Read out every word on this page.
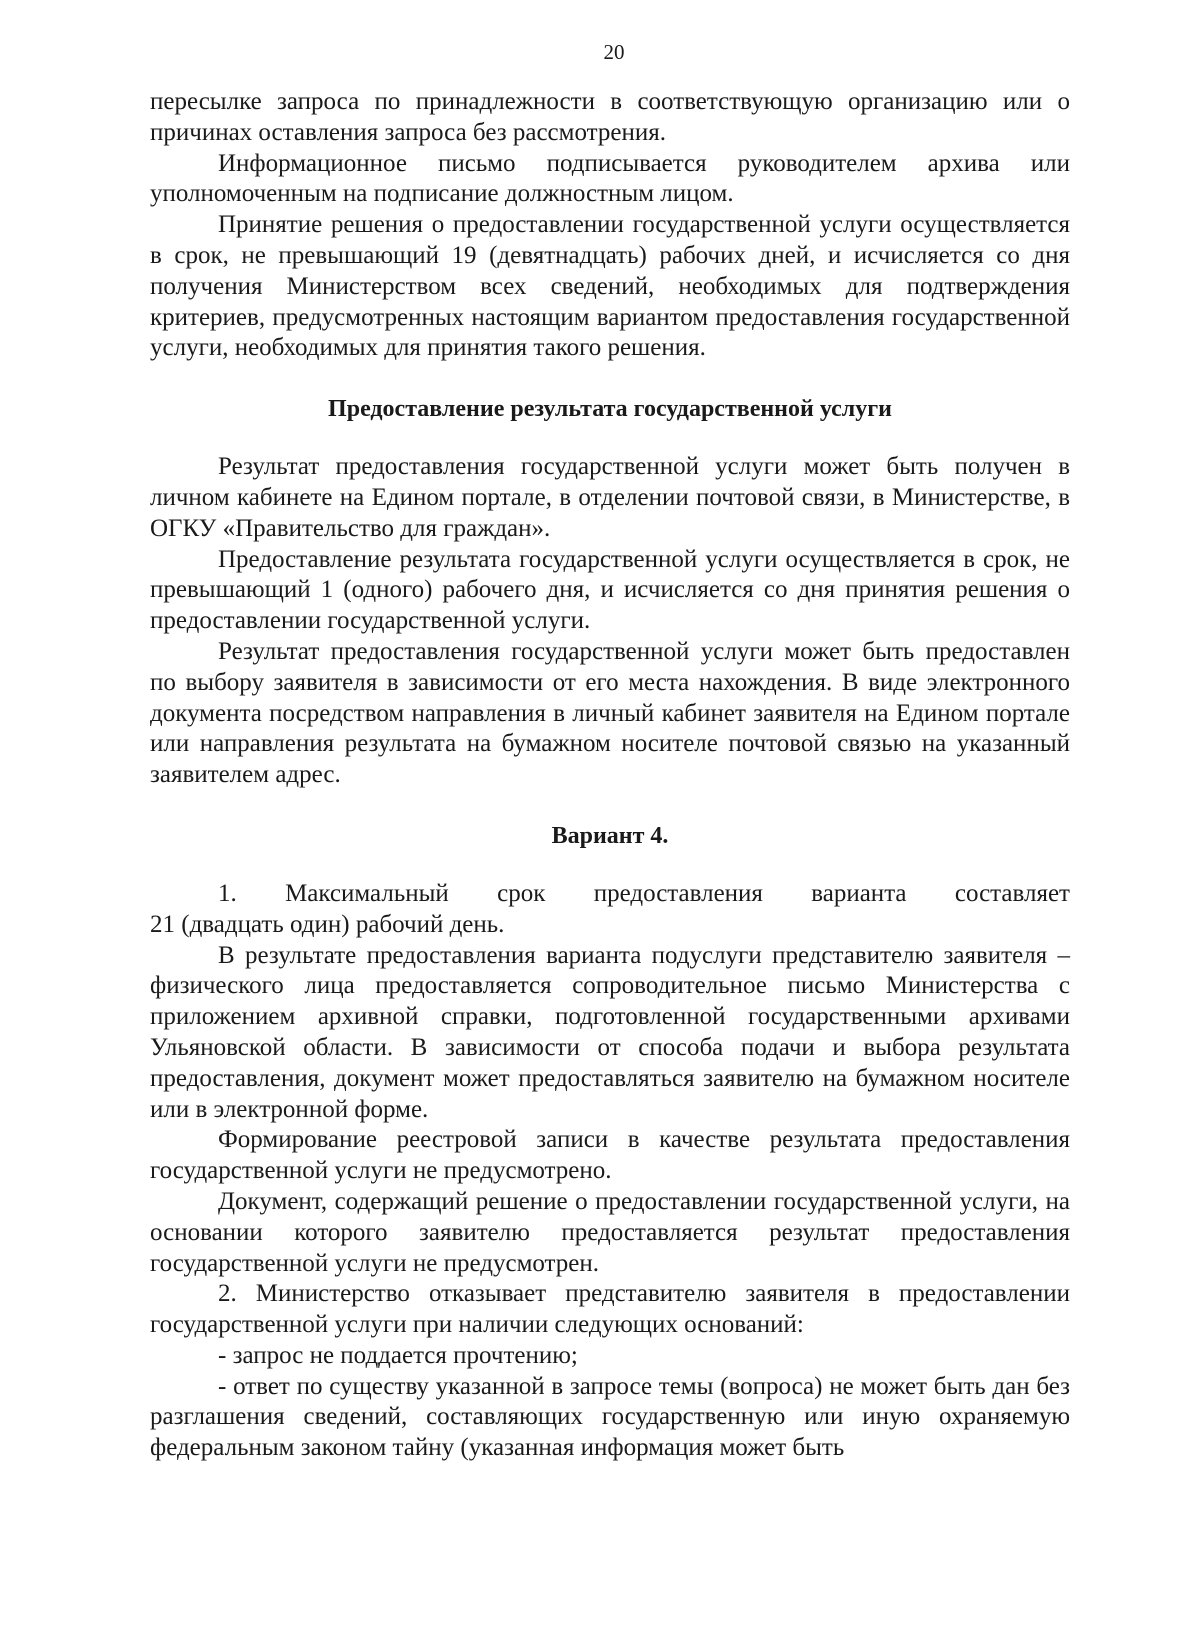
20

пересылке запроса по принадлежности в соответствующую организацию или о причинах оставления запроса без рассмотрения.

Информационное письмо подписывается руководителем архива или уполномоченным на подписание должностным лицом.

Принятие решения о предоставлении государственной услуги осуществляется в срок, не превышающий 19 (девятнадцать) рабочих дней, и исчисляется со дня получения Министерством всех сведений, необходимых для подтверждения критериев, предусмотренных настоящим вариантом предоставления государственной услуги, необходимых для принятия такого решения.

Предоставление результата государственной услуги

Результат предоставления государственной услуги может быть получен в личном кабинете на Едином портале, в отделении почтовой связи, в Министерстве, в ОГКУ «Правительство для граждан».

Предоставление результата государственной услуги осуществляется в срок, не превышающий 1 (одного) рабочего дня, и исчисляется со дня принятия решения о предоставлении государственной услуги.

Результат предоставления государственной услуги может быть предоставлен по выбору заявителя в зависимости от его места нахождения. В виде электронного документа посредством направления в личный кабинет заявителя на Едином портале или направления результата на бумажном носителе почтовой связью на указанный заявителем адрес.

Вариант 4.
1. Максимальный срок предоставления варианта составляет

21 (двадцать один) рабочий день.

В результате предоставления варианта подуслуги представителю заявителя – физического лица предоставляется сопроводительное письмо Министерства с приложением архивной справки, подготовленной государственными архивами Ульяновской области. В зависимости от способа подачи и выбора результата предоставления, документ может предоставляться заявителю на бумажном носителе или в электронной форме.

Формирование реестровой записи в качестве результата предоставления государственной услуги не предусмотрено.

Документ, содержащий решение о предоставлении государственной услуги, на основании которого заявителю предоставляется результат предоставления государственной услуги не предусмотрен.

2. Министерство отказывает представителю заявителя в предоставлении государственной услуги при наличии следующих оснований:

- запрос не поддается прочтению;

- ответ по существу указанной в запросе темы (вопроса) не может быть дан без разглашения сведений, составляющих государственную или иную охраняемую федеральным законом тайну (указанная информация может быть
